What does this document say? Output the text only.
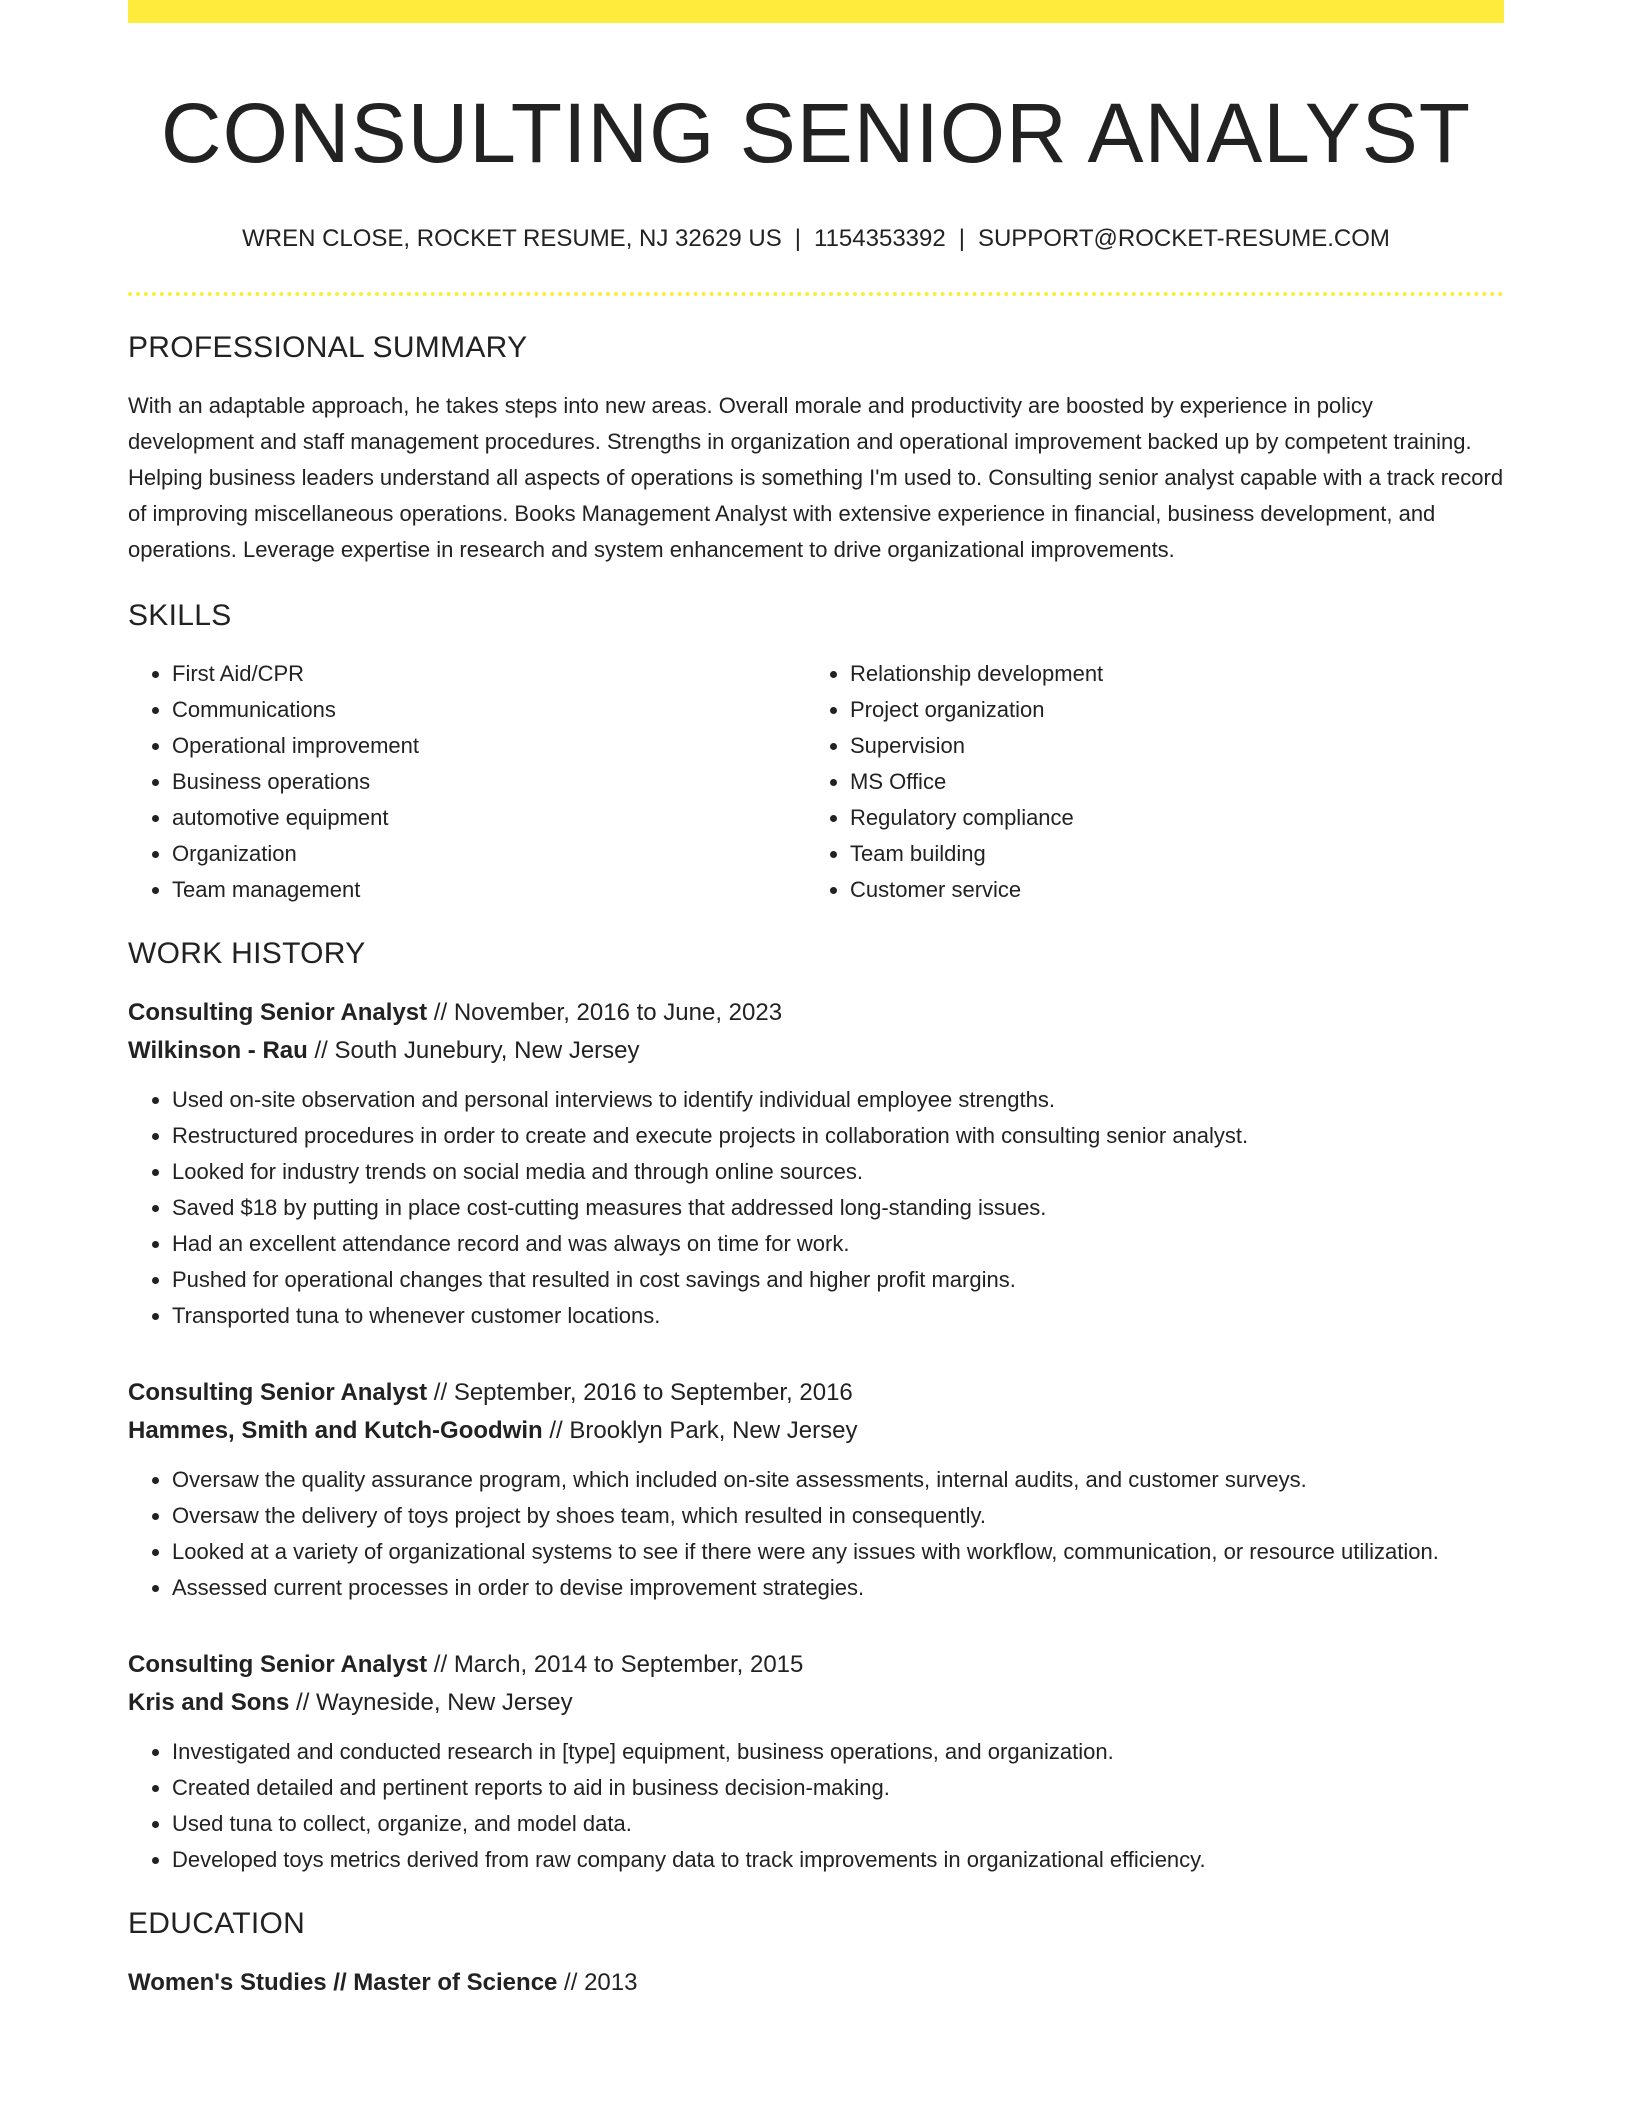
CONSULTING SENIOR ANALYST
WREN CLOSE, ROCKET RESUME, NJ 32629 US | 1154353392 | SUPPORT@ROCKET-RESUME.COM
PROFESSIONAL SUMMARY
With an adaptable approach, he takes steps into new areas. Overall morale and productivity are boosted by experience in policy development and staff management procedures. Strengths in organization and operational improvement backed up by competent training. Helping business leaders understand all aspects of operations is something I'm used to. Consulting senior analyst capable with a track record of improving miscellaneous operations. Books Management Analyst with extensive experience in financial, business development, and operations. Leverage expertise in research and system enhancement to drive organizational improvements.
SKILLS
• First Aid/CPR
• Communications
• Operational improvement
• Business operations
• automotive equipment
• Organization
• Team management
• Relationship development
• Project organization
• Supervision
• MS Office
• Regulatory compliance
• Team building
• Customer service
WORK HISTORY
Consulting Senior Analyst // November, 2016 to June, 2023
Wilkinson - Rau // South Junebury, New Jersey
• Used on-site observation and personal interviews to identify individual employee strengths.
• Restructured procedures in order to create and execute projects in collaboration with consulting senior analyst.
• Looked for industry trends on social media and through online sources.
• Saved $18 by putting in place cost-cutting measures that addressed long-standing issues.
• Had an excellent attendance record and was always on time for work.
• Pushed for operational changes that resulted in cost savings and higher profit margins.
• Transported tuna to whenever customer locations.
Consulting Senior Analyst // September, 2016 to September, 2016
Hammes, Smith and Kutch-Goodwin // Brooklyn Park, New Jersey
• Oversaw the quality assurance program, which included on-site assessments, internal audits, and customer surveys.
• Oversaw the delivery of toys project by shoes team, which resulted in consequently.
• Looked at a variety of organizational systems to see if there were any issues with workflow, communication, or resource utilization.
• Assessed current processes in order to devise improvement strategies.
Consulting Senior Analyst // March, 2014 to September, 2015
Kris and Sons // Wayneside, New Jersey
• Investigated and conducted research in [type] equipment, business operations, and organization.
• Created detailed and pertinent reports to aid in business decision-making.
• Used tuna to collect, organize, and model data.
• Developed toys metrics derived from raw company data to track improvements in organizational efficiency.
EDUCATION
Women's Studies // Master of Science // 2013
